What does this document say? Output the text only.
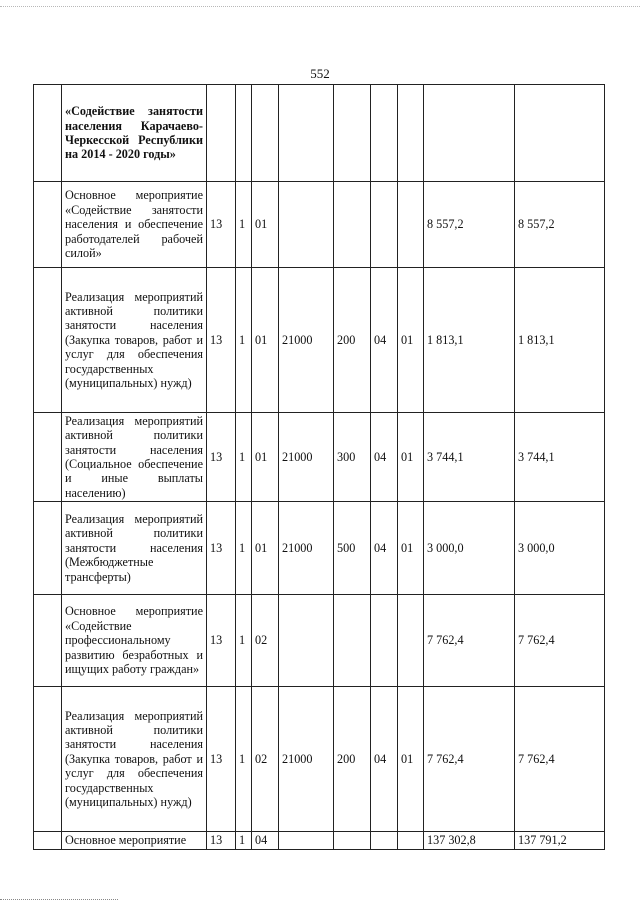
552
	«Содействие занятости населения Карачаево-Черкесской Республики на 2014 - 2020 годы»									
	Основное мероприятие «Содействие занятости населения и обеспечение работодателей рабочей силой»	13	1	01					8 557,2	8 557,2
	Реализация мероприятий активной политики занятости населения (Закупка товаров, работ и услуг для обеспечения государственных (муниципальных) нужд)	13	1	01	21000	200	04	01	1 813,1	1 813,1
	Реализация мероприятий активной политики занятости населения (Социальное обеспечение и иные выплаты населению)	13	1	01	21000	300	04	01	3 744,1	3 744,1
	Реализация мероприятий активной политики занятости населения (Межбюджетные трансферты)	13	1	01	21000	500	04	01	3 000,0	3 000,0
	Основное мероприятие «Содействие профессиональному развитию безработных и ищущих работу граждан»	13	1	02					7 762,4	7 762,4
	Реализация мероприятий активной политики занятости населения (Закупка товаров, работ и услуг для обеспечения государственных (муниципальных) нужд)	13	1	02	21000	200	04	01	7 762,4	7 762,4
	Основное мероприятие	13	1	04					137 302,8	137 791,2
